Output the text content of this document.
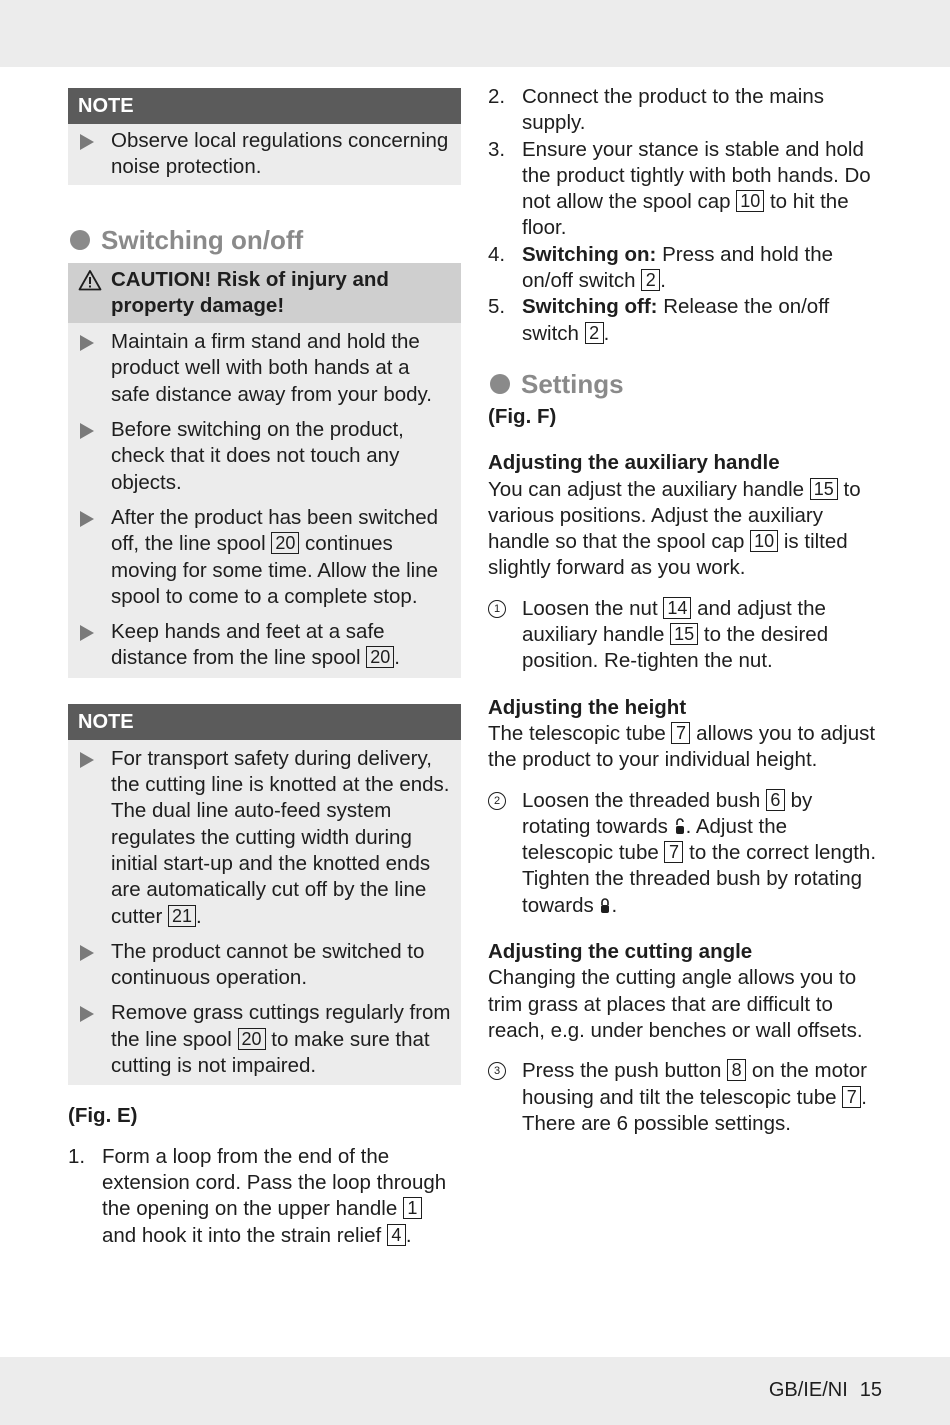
NOTE
Observe local regulations concerning noise protection.
Switching on/off
CAUTION! Risk of injury and property damage!
Maintain a firm stand and hold the product well with both hands at a safe distance away from your body.
Before switching on the product, check that it does not touch any objects.
After the product has been switched off, the line spool 20 continues moving for some time. Allow the line spool to come to a complete stop.
Keep hands and feet at a safe distance from the line spool 20 .
NOTE
For transport safety during delivery, the cutting line is knotted at the ends. The dual line auto-feed system regulates the cutting width during initial start-up and the knotted ends are automatically cut off by the line cutter 21 .
The product cannot be switched to continuous operation.
Remove grass cuttings regularly from the line spool 20 to make sure that cutting is not impaired.

(Fig. E)

1. Form a loop from the end of the extension cord. Pass the loop through the opening on the upper handle 1 and hook it into the strain relief 4 .
2. Connect the product to the mains supply.
3. Ensure your stance is stable and hold the product tightly with both hands. Do not allow the spool cap 10 to hit the floor.
4. Switching on: Press and hold the on/off switch 2 .
5. Switching off: Release the on/off switch 2 .
Settings

(Fig. F)

Adjusting the auxiliary handle

You can adjust the auxiliary handle 15 to various positions. Adjust the auxiliary handle so that the spool cap 10 is tilted slightly forward as you work.

1 Loosen the nut 14 and adjust the auxiliary handle 15 to the desired position. Re-tighten the nut.

Adjusting the height

The telescopic tube 7 allows you to adjust the product to your individual height.

2 Loosen the threaded bush 6 by rotating towards . Adjust the telescopic tube 7 to the correct length. Tighten the threaded bush by rotating towards .

Adjusting the cutting angle

Changing the cutting angle allows you to trim grass at places that are difficult to reach, e.g. under benches or wall offsets.

3 Press the push button 8 on the motor housing and tilt the telescopic tube 7 . There are 6 possible settings.

GB/IE/NI 15
